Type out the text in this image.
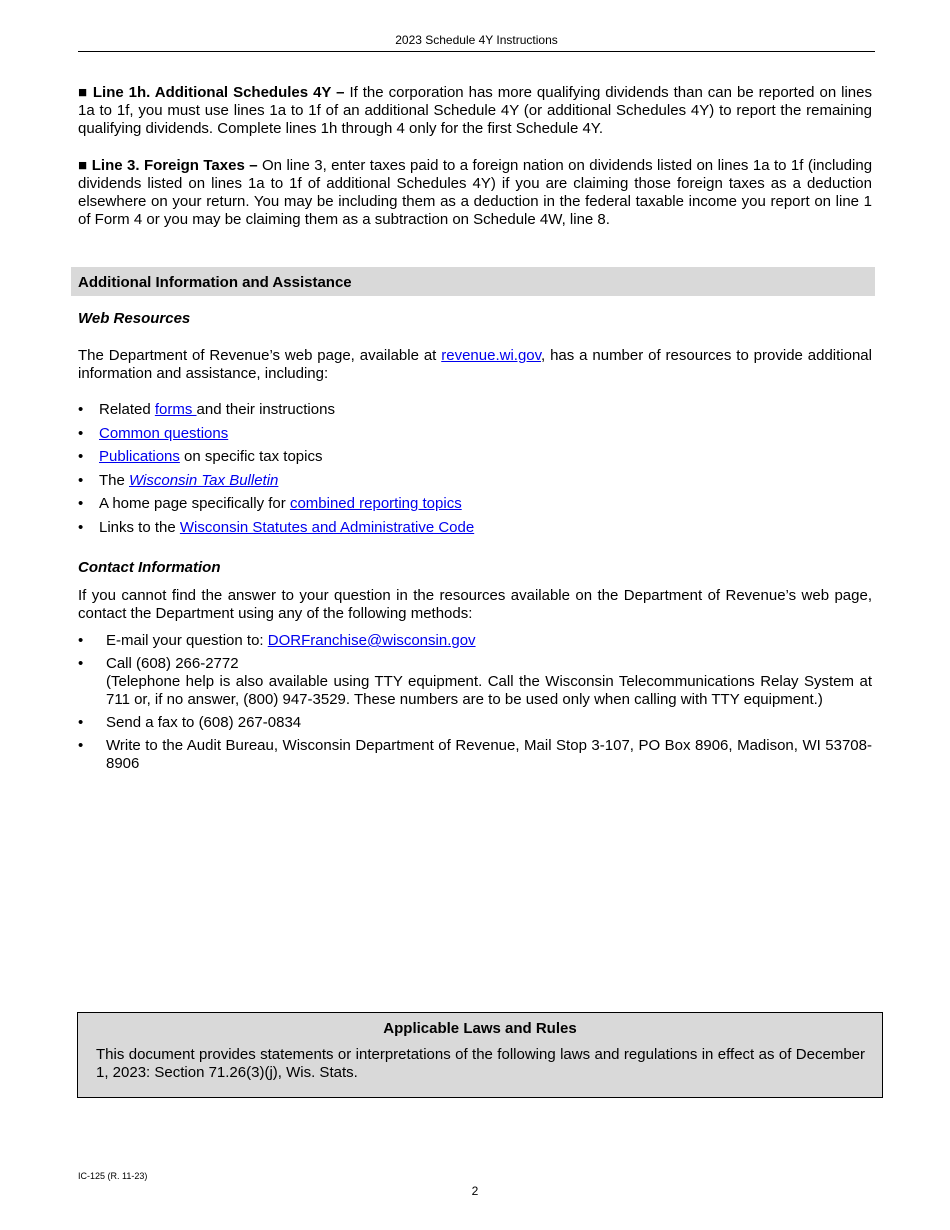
2023 Schedule 4Y Instructions
■ Line 1h. Additional Schedules 4Y – If the corporation has more qualifying dividends than can be reported on lines 1a to 1f, you must use lines 1a to 1f of an additional Schedule 4Y (or additional Schedules 4Y) to report the remaining qualifying dividends. Complete lines 1h through 4 only for the first Schedule 4Y.
■ Line 3. Foreign Taxes – On line 3, enter taxes paid to a foreign nation on dividends listed on lines 1a to 1f (including dividends listed on lines 1a to 1f of additional Schedules 4Y) if you are claiming those foreign taxes as a deduction elsewhere on your return. You may be including them as a deduction in the federal taxable income you report on line 1 of Form 4 or you may be claiming them as a subtraction on Schedule 4W, line 8.
Additional Information and Assistance
Web Resources
The Department of Revenue’s web page, available at revenue.wi.gov, has a number of resources to provide additional information and assistance, including:
• Related forms and their instructions
• Common questions
• Publications on specific tax topics
• The Wisconsin Tax Bulletin
• A home page specifically for combined reporting topics
• Links to the Wisconsin Statutes and Administrative Code
Contact Information
If you cannot find the answer to your question in the resources available on the Department of Revenue’s web page, contact the Department using any of the following methods:
• E-mail your question to: DORFranchise@wisconsin.gov
• Call (608) 266-2772
(Telephone help is also available using TTY equipment. Call the Wisconsin Telecommunications Relay System at 711 or, if no answer, (800) 947-3529. These numbers are to be used only when calling with TTY equipment.)
• Send a fax to (608) 267-0834
• Write to the Audit Bureau, Wisconsin Department of Revenue, Mail Stop 3-107, PO Box 8906, Madison, WI 53708-8906
Applicable Laws and Rules
This document provides statements or interpretations of the following laws and regulations in effect as of December 1, 2023: Section 71.26(3)(j), Wis. Stats.
IC-125 (R. 11-23)
2
